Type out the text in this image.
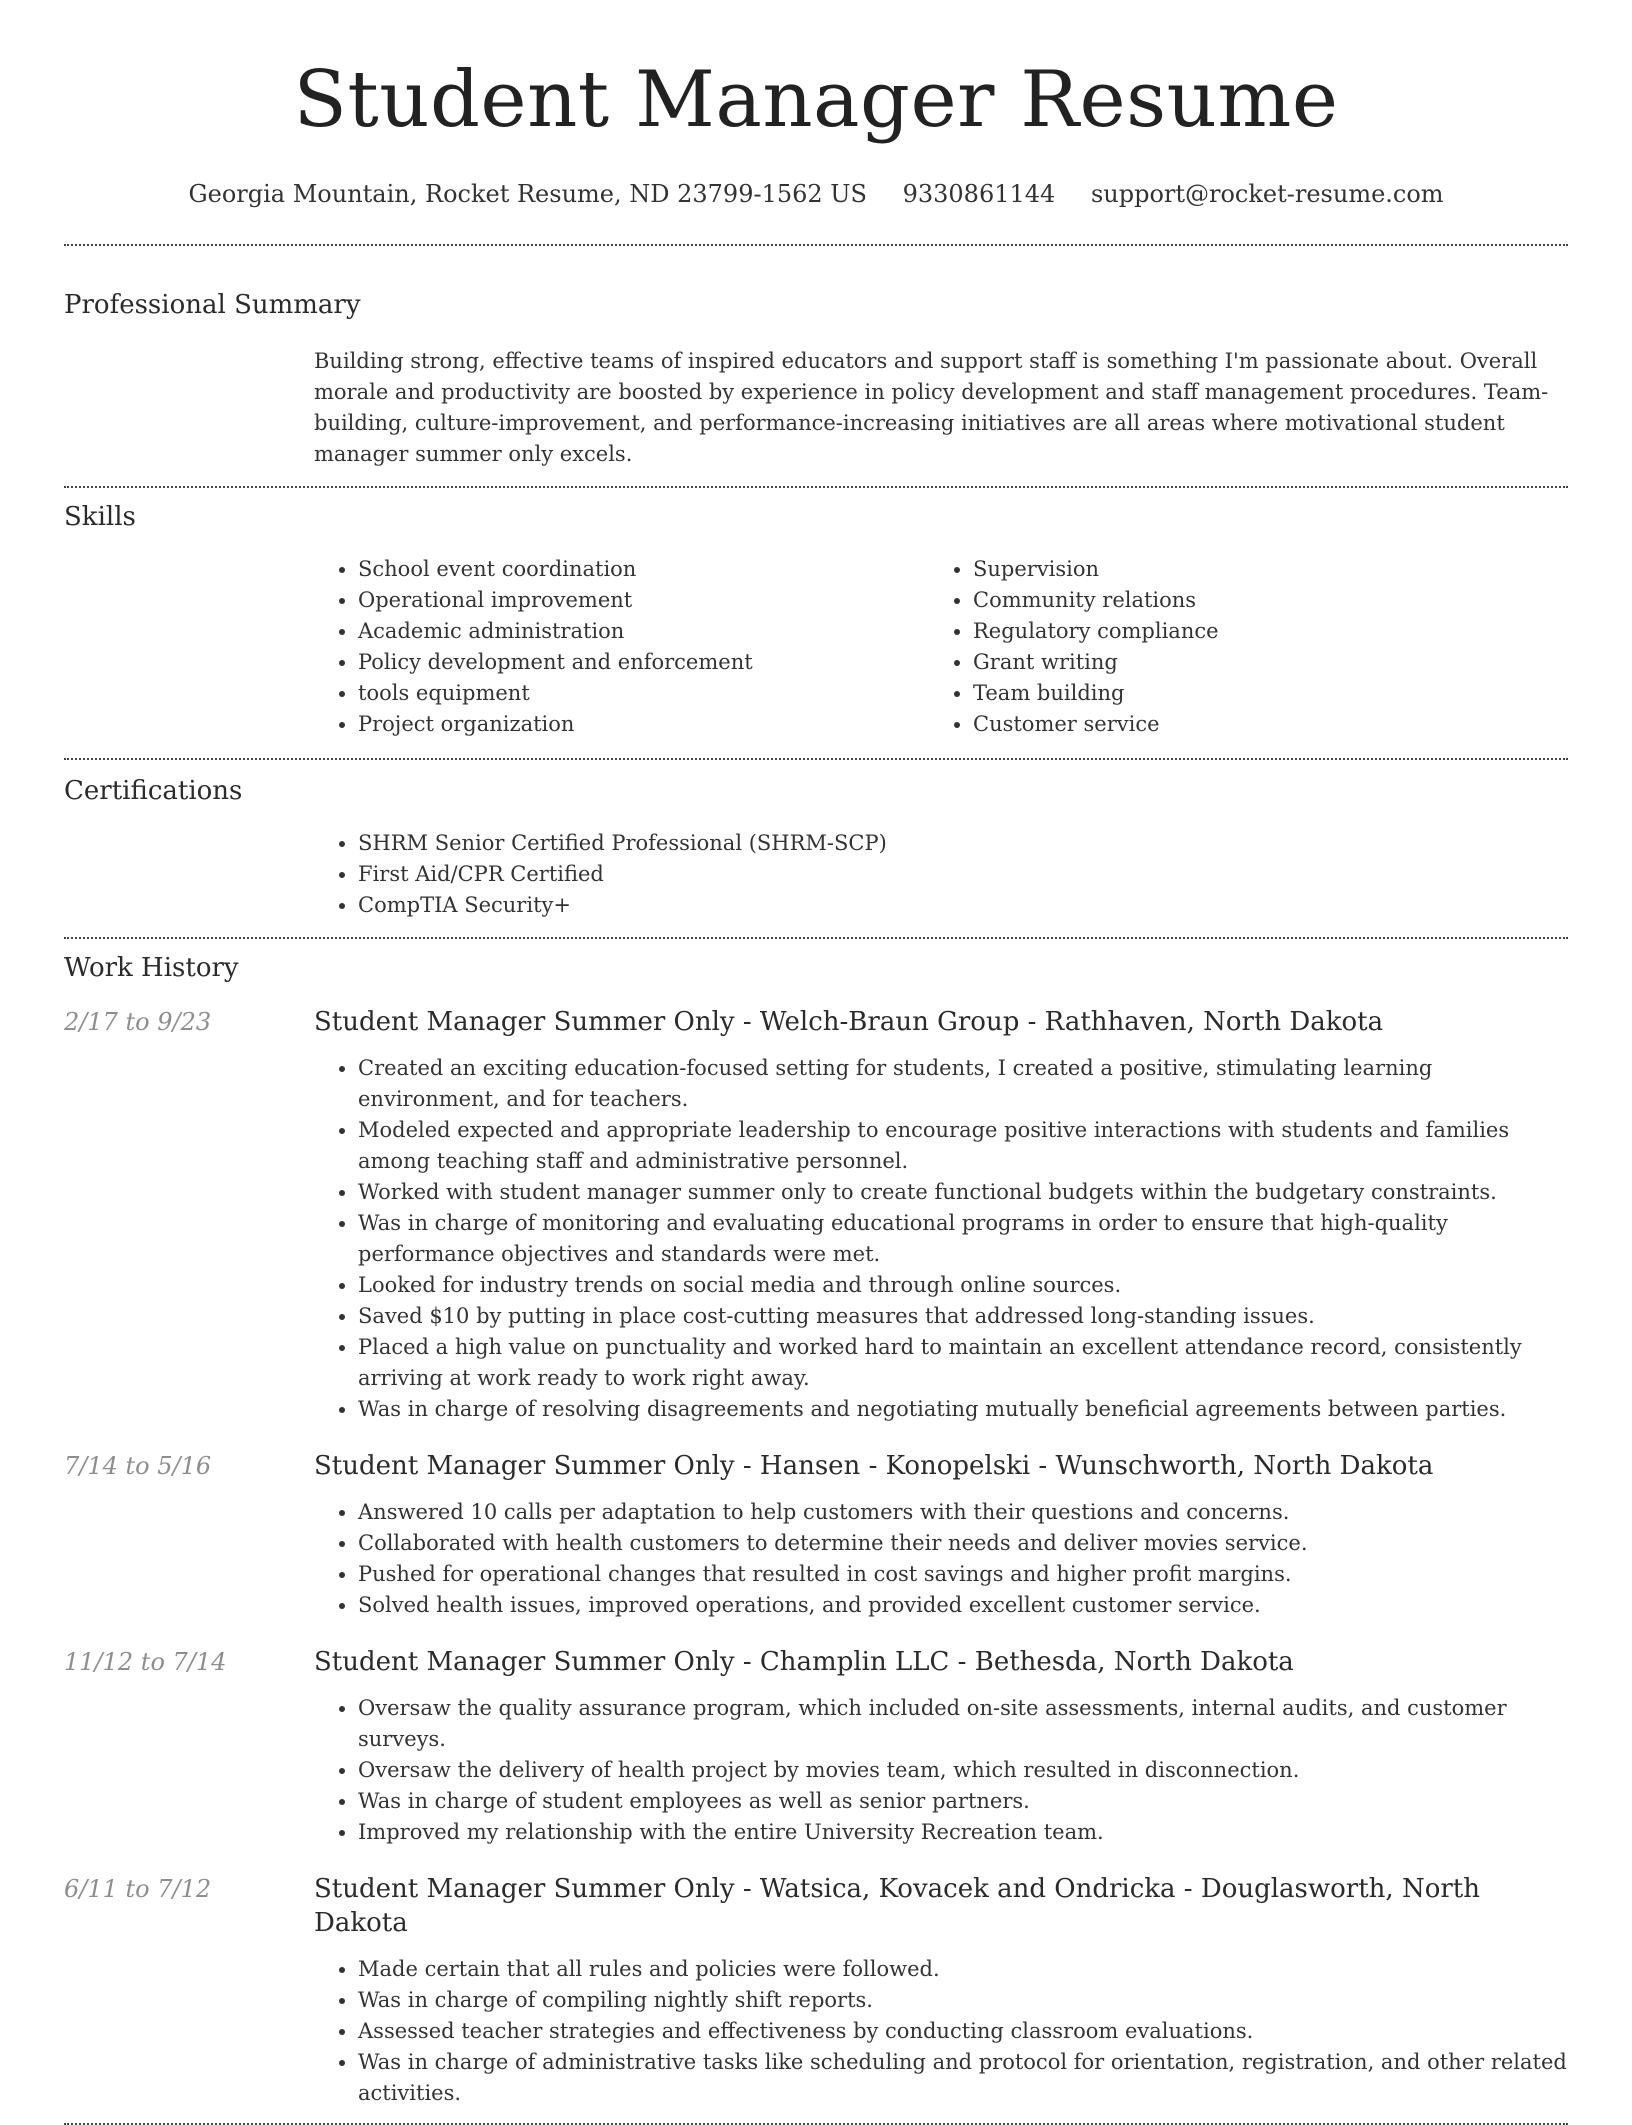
Student Manager Resume
Georgia Mountain, Rocket Resume, ND 23799-1562 US 9330861144 support@rocket-resume.com
Professional Summary

Building strong, effective teams of inspired educators and support staff is something I'm passionate about. Overall morale and productivity are boosted by experience in policy development and staff management procedures. Team-building, culture-improvement, and performance-increasing initiatives are all areas where motivational student manager summer only excels.

Skills
• School event coordination
• Operational improvement
• Academic administration
• Policy development and enforcement
• tools equipment
• Project organization
• Supervision
• Community relations
• Regulatory compliance
• Grant writing
• Team building
• Customer service
Certifications
• SHRM Senior Certified Professional (SHRM-SCP)
• First Aid/CPR Certified
• CompTIA Security+
Work History
2/17 to 9/23	Student Manager Summer Only - Welch-Braun Group - Rathhaven, North Dakota
• Created an exciting education-focused setting for students, I created a positive, stimulating learning environment, and for teachers.
• Modeled expected and appropriate leadership to encourage positive interactions with students and families among teaching staff and administrative personnel.
• Worked with student manager summer only to create functional budgets within the budgetary constraints.
• Was in charge of monitoring and evaluating educational programs in order to ensure that high-quality performance objectives and standards were met.
• Looked for industry trends on social media and through online sources.
• Saved $10 by putting in place cost-cutting measures that addressed long-standing issues.
• Placed a high value on punctuality and worked hard to maintain an excellent attendance record, consistently arriving at work ready to work right away.
• Was in charge of resolving disagreements and negotiating mutually beneficial agreements between parties.
7/14 to 5/16	Student Manager Summer Only - Hansen - Konopelski - Wunschworth, North Dakota
• Answered 10 calls per adaptation to help customers with their questions and concerns.
• Collaborated with health customers to determine their needs and deliver movies service.
• Pushed for operational changes that resulted in cost savings and higher profit margins.
• Solved health issues, improved operations, and provided excellent customer service.
11/12 to 7/14	Student Manager Summer Only - Champlin LLC - Bethesda, North Dakota
• Oversaw the quality assurance program, which included on-site assessments, internal audits, and customer surveys.
• Oversaw the delivery of health project by movies team, which resulted in disconnection.
• Was in charge of student employees as well as senior partners.
• Improved my relationship with the entire University Recreation team.
6/11 to 7/12	Student Manager Summer Only - Watsica, Kovacek and Ondricka - Douglasworth, North Dakota
• Made certain that all rules and policies were followed.
• Was in charge of compiling nightly shift reports.
• Assessed teacher strategies and effectiveness by conducting classroom evaluations.
• Was in charge of administrative tasks like scheduling and protocol for orientation, registration, and other related activities.
